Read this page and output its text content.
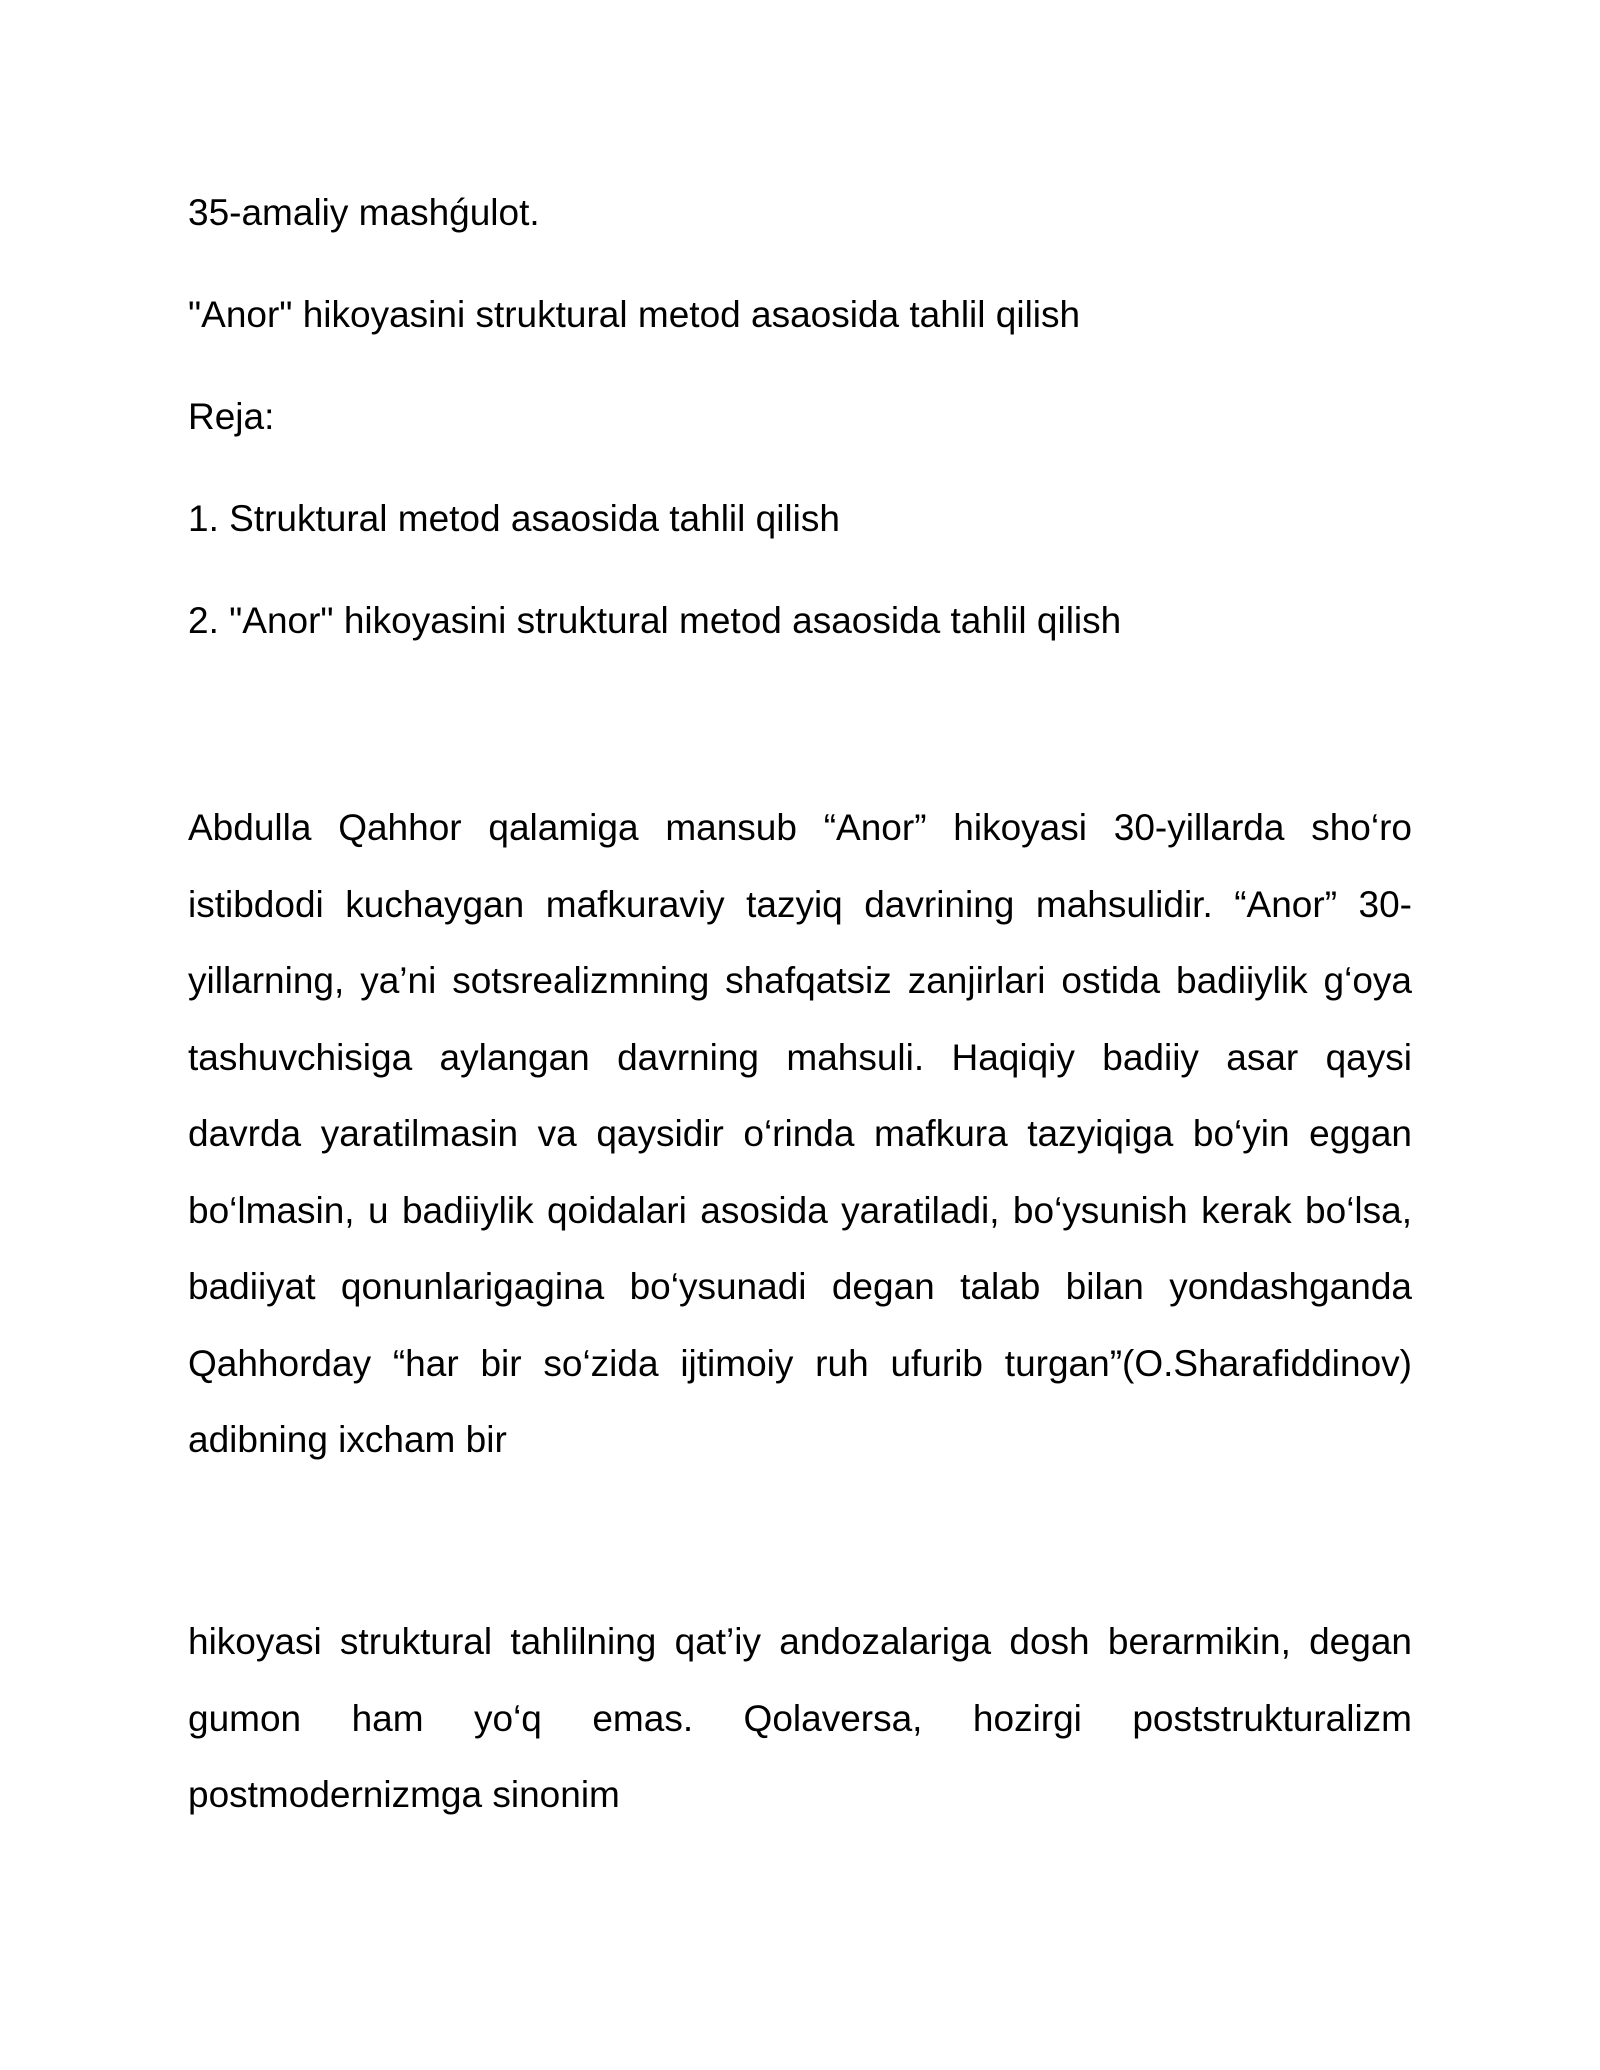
35-amaliy mashǵulot.

"Anor" hikoyasini struktural metod asaosida tahlil qilish

Reja:

1. Struktural metod asaosida tahlil qilish

2. "Anor" hikoyasini struktural metod asaosida tahlil qilish

Abdulla Qahhor qalamiga mansub “Anor” hikoyasi 30-yillarda sho‘ro istibdodi kuchaygan mafkuraviy tazyiq davrining mahsulidir. “Anor” 30-yillarning, ya’ni sotsrealizmning shafqatsiz zanjirlari ostida badiiylik g‘oya tashuvchisiga aylangan davrning mahsuli. Haqiqiy badiiy asar qaysi davrda yaratilmasin va qaysidir o‘rinda mafkura tazyiqiga bo‘yin eggan bo‘lmasin, u badiiylik qoidalari asosida yaratiladi, bo‘ysunish kerak bo‘lsa, badiiyat qonunlarigagina bo‘ysunadi degan talab bilan yondashganda Qahhorday “har bir so‘zida ijtimoiy ruh ufurib turgan”(O.Sharafiddinov) adibning ixcham bir

hikoyasi struktural tahlilning qat’iy andozalariga dosh berarmikin, degan gumon ham yo‘q emas. Qolaversa, hozirgi poststrukturalizm postmodernizmga sinonim
